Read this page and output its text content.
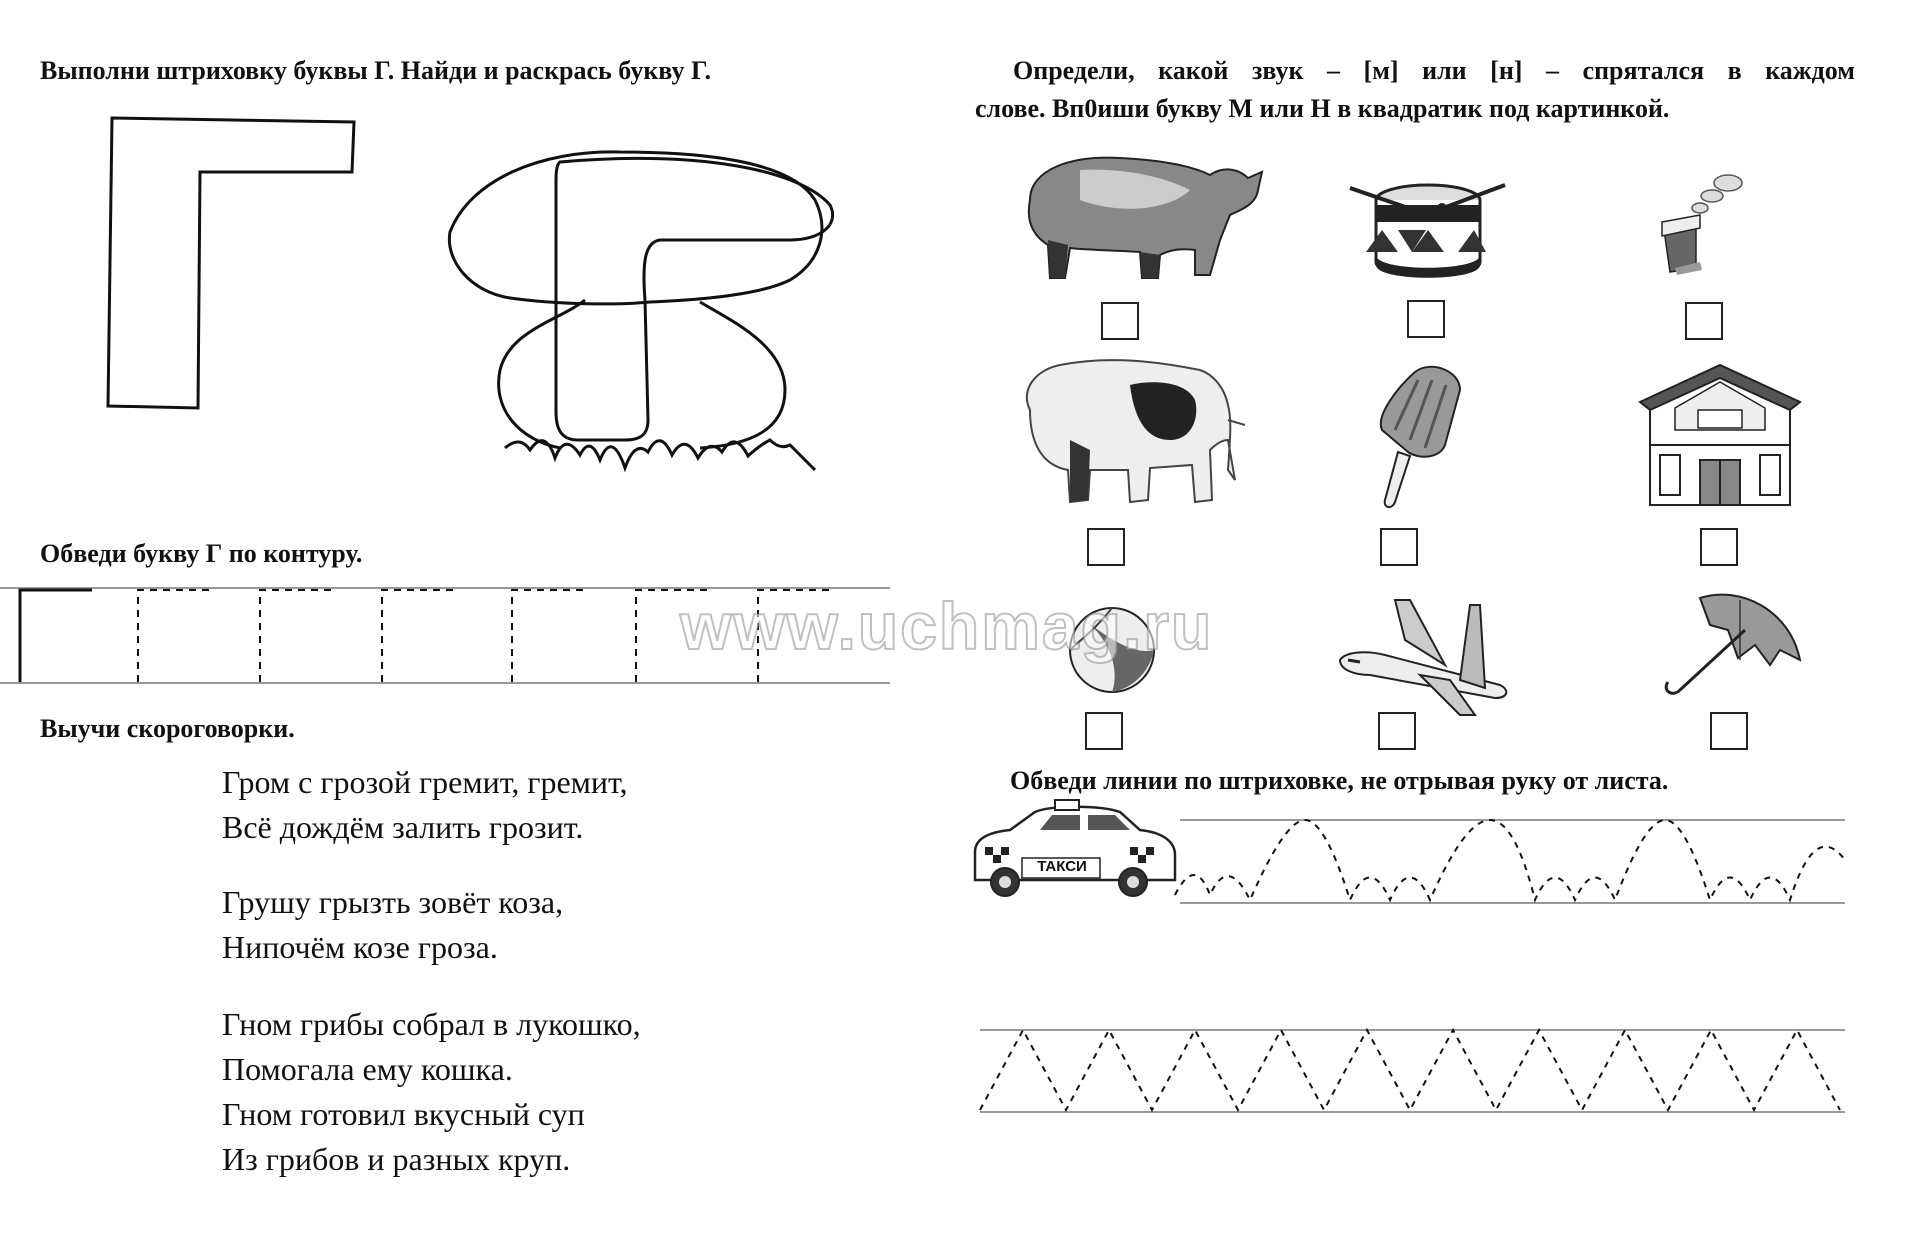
Выполни штриховку буквы Г. Найди и раскрась букву Г.
Обведи букву Г по контуру.
Выучи скороговорки.
Гром с грозой гремит, гремит,
Всё дождём залить грозит.
Грушу грызть зовёт коза,
Нипочём козе гроза.
Гном грибы собрал в лукошко,
Помогала ему кошка.
Гном готовил вкусный суп
Из грибов и разных круп.
Определи, какой звук – [м] или [н] – спрятался в каждом
слове. Вп0иши букву М или Н в квадратик под картинкой.
www.uchmag.ru
Обведи линии по штриховке, не отрывая руку от листа.
ТАКСИ
